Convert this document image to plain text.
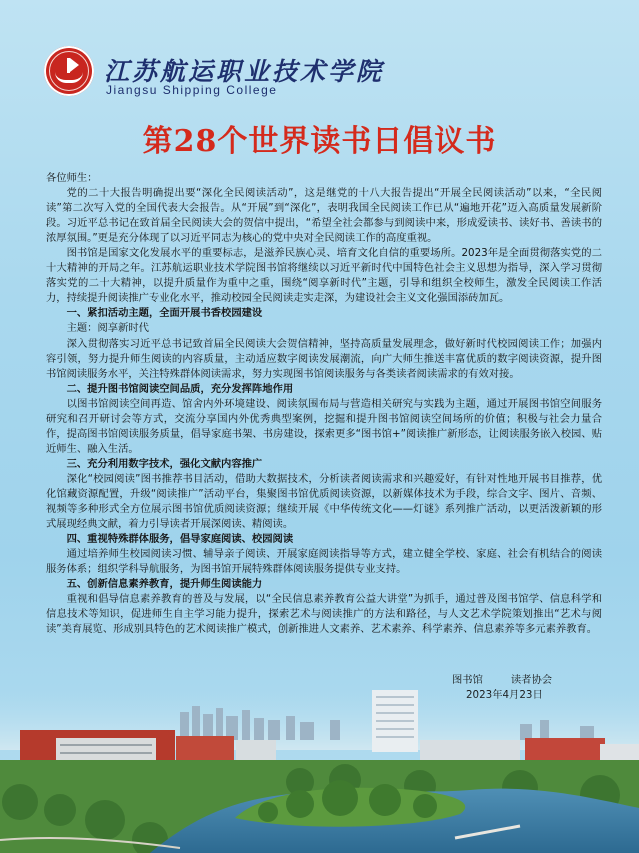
江苏航运职业技术学院
Jiangsu Shipping College
第28个世界读书日倡议书

各位师生：

党的二十大报告明确提出要“深化全民阅读活动”，这是继党的十八大报告提出“开展全民阅读活动”以来，“全民阅读”第二次写入党的全国代表大会报告。从“开展”到“深化”，表明我国全民阅读工作已从“遍地开花”迈入高质量发展新阶段。习近平总书记在致首届全民阅读大会的贺信中提出，“希望全社会都参与到阅读中来，形成爱读书、读好书、善读书的浓厚氛围。”更是充分体现了以习近平同志为核心的党中央对全民阅读工作的高度重视。

图书馆是国家文化发展水平的重要标志，是滋养民族心灵、培育文化自信的重要场所。2023年是全面贯彻落实党的二十大精神的开局之年。江苏航运职业技术学院图书馆将继续以习近平新时代中国特色社会主义思想为指导，深入学习贯彻落实党的二十大精神，以提升质量作为重中之重，围绕“阅享新时代”主题，引导和组织全校师生，激发全民阅读工作活力，持续提升阅读推广专业化水平，推动校园全民阅读走实走深，为建设社会主义文化强国添砖加瓦。

一、紧扣活动主题，全面开展书香校园建设

主题：阅享新时代

深入贯彻落实习近平总书记致首届全民阅读大会贺信精神，坚持高质量发展理念，做好新时代校园阅读工作；加强内容引领，努力提升师生阅读的内容质量，主动适应数字阅读发展潮流，向广大师生推送丰富优质的数字阅读资源，提升图书馆阅读服务水平，关注特殊群体阅读需求，努力实现图书馆阅读服务与各类读者阅读需求的有效对接。

二、提升图书馆阅读空间品质，充分发挥阵地作用

以图书馆阅读空间再造、馆舍内外环境建设、阅读氛围布局与营造相关研究与实践为主题，通过开展图书馆空间服务研究和召开研讨会等方式，交流分享国内外优秀典型案例，挖掘和提升图书馆阅读空间场所的价值；积极与社会力量合作，提高图书馆阅读服务质量，倡导家庭书架、书房建设，探索更多“图书馆+”阅读推广新形态，让阅读服务嵌入校园、贴近师生、融入生活。

三、充分利用数字技术，强化文献内容推广

深化“校园阅读”图书推荐书目活动，借助大数据技术，分析读者阅读需求和兴趣爱好，有针对性地开展书目推荐，优化馆藏资源配置，升级“阅读推广”活动平台，集聚图书馆优质阅读资源，以新媒体技术为手段，综合文字、图片、音频、视频等多种形式全方位展示图书馆优质阅读资源；继续开展《中华传统文化——灯谜》系列推广活动，以更活泼新颖的形式展现经典文献，着力引导读者开展深阅读、精阅读。

四、重视特殊群体服务，倡导家庭阅读、校园阅读

通过培养师生校园阅读习惯、辅导亲子阅读、开展家庭阅读指导等方式，建立健全学校、家庭、社会有机结合的阅读服务体系；组织学科导航服务，为图书馆开展特殊群体阅读服务提供专业支持。

五、创新信息素养教育，提升师生阅读能力

重视和倡导信息素养教育的普及与发展，以“全民信息素养教育公益大讲堂”为抓手，通过普及图书馆学、信息科学和信息技术等知识，促进师生自主学习能力提升，探索艺术与阅读推广的方法和路径，与人文艺术学院策划推出“艺术与阅读”美育展览、形成别具特色的艺术阅读推广模式，创新推进人文素养、艺术素养、科学素养、信息素养等多元素养教育。

图书馆	读者协会
